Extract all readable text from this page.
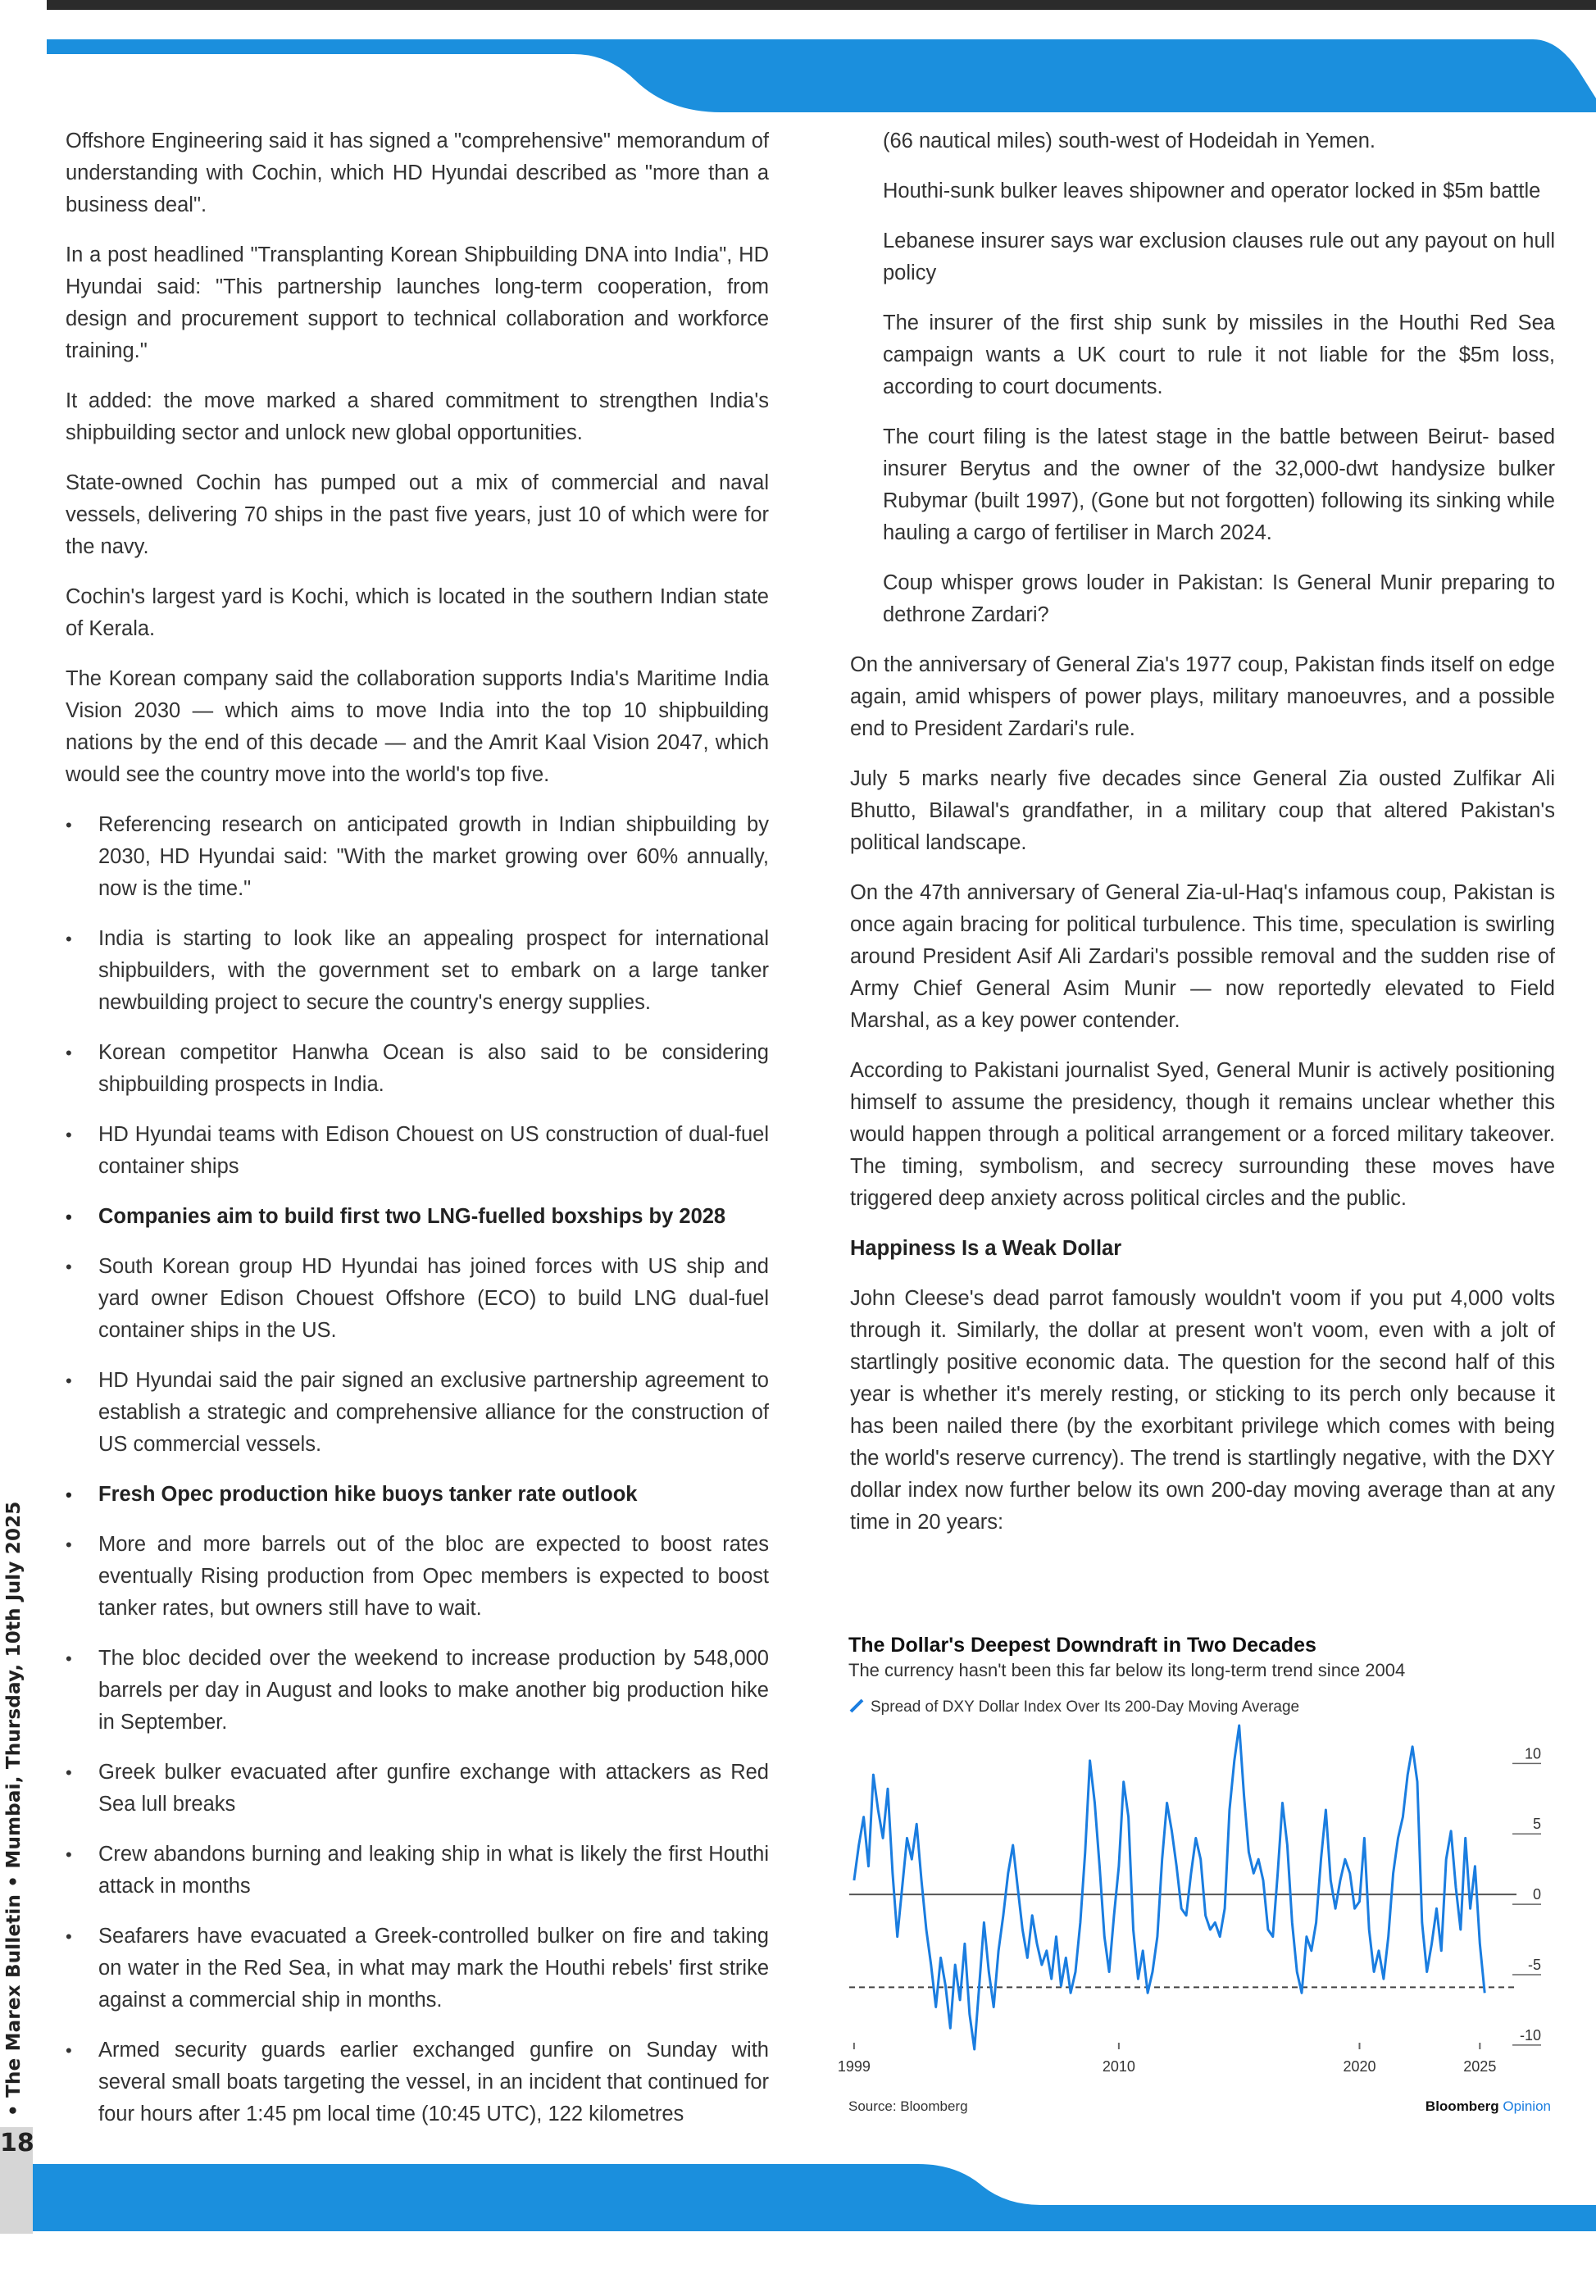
Offshore Engineering said it has signed a "comprehensive" memorandum of understanding with Cochin, which HD Hyundai described as "more than a business deal".

In a post headlined "Transplanting Korean Shipbuilding DNA into India", HD Hyundai said: "This partnership launches long-term cooperation, from design and procurement support to technical collaboration and workforce training."

It added: the move marked a shared commitment to strengthen India's shipbuilding sector and unlock new global opportunities.

State-owned Cochin has pumped out a mix of commercial and naval vessels, delivering 70 ships in the past five years, just 10 of which were for the navy.

Cochin's largest yard is Kochi, which is located in the southern Indian state of Kerala.

The Korean company said the collaboration supports India's Maritime India Vision 2030 — which aims to move India into the top 10 shipbuilding nations by the end of this decade — and the Amrit Kaal Vision 2047, which would see the country move into the world's top five.

• Referencing research on anticipated growth in Indian shipbuilding by 2030, HD Hyundai said: "With the market growing over 60% annually, now is the time."
• India is starting to look like an appealing prospect for international shipbuilders, with the government set to embark on a large tanker newbuilding project to secure the country's energy supplies.
• Korean competitor Hanwha Ocean is also said to be considering shipbuilding prospects in India.
• HD Hyundai teams with Edison Chouest on US construction of dual-fuel container ships
• Companies aim to build first two LNG-fuelled boxships by 2028
• South Korean group HD Hyundai has joined forces with US ship and yard owner Edison Chouest Offshore (ECO) to build LNG dual-fuel container ships in the US.
• HD Hyundai said the pair signed an exclusive partnership agreement to establish a strategic and comprehensive alliance for the construction of US commercial vessels.
• Fresh Opec production hike buoys tanker rate outlook
• More and more barrels out of the bloc are expected to boost rates eventually Rising production from Opec members is expected to boost tanker rates, but owners still have to wait.
• The bloc decided over the weekend to increase production by 548,000 barrels per day in August and looks to make another big production hike in September.
• Greek bulker evacuated after gunfire exchange with attackers as Red Sea lull breaks
• Crew abandons burning and leaking ship in what is likely the first Houthi attack in months
• Seafarers have evacuated a Greek-controlled bulker on fire and taking on water in the Red Sea, in what may mark the Houthi rebels' first strike against a commercial ship in months.
• Armed security guards earlier exchanged gunfire on Sunday with several small boats targeting the vessel, in an incident that continued for four hours after 1:45 pm local time (10:45 UTC), 122 kilometres

(66 nautical miles) south-west of Hodeidah in Yemen.

Houthi-sunk bulker leaves shipowner and operator locked in $5m battle

Lebanese insurer says war exclusion clauses rule out any payout on hull policy

The insurer of the first ship sunk by missiles in the Houthi Red Sea campaign wants a UK court to rule it not liable for the $5m loss, according to court documents.

The court filing is the latest stage in the battle between Beirut- based insurer Berytus and the owner of the 32,000-dwt handysize bulker Rubymar (built 1997), (Gone but not forgotten) following its sinking while hauling a cargo of fertiliser in March 2024.

Coup whisper grows louder in Pakistan: Is General Munir preparing to dethrone Zardari?

On the anniversary of General Zia's 1977 coup, Pakistan finds itself on edge again, amid whispers of power plays, military manoeuvres, and a possible end to President Zardari's rule.

July 5 marks nearly five decades since General Zia ousted Zulfikar Ali Bhutto, Bilawal's grandfather, in a military coup that altered Pakistan's political landscape.

On the 47th anniversary of General Zia-ul-Haq's infamous coup, Pakistan is once again bracing for political turbulence. This time, speculation is swirling around President Asif Ali Zardari's possible removal and the sudden rise of Army Chief General Asim Munir — now reportedly elevated to Field Marshal, as a key power contender.

According to Pakistani journalist Syed, General Munir is actively positioning himself to assume the presidency, though it remains unclear whether this would happen through a political arrangement or a forced military takeover. The timing, symbolism, and secrecy surrounding these moves have triggered deep anxiety across political circles and the public.

Happiness Is a Weak Dollar

John Cleese's dead parrot famously wouldn't voom if you put 4,000 volts through it. Similarly, the dollar at present won't voom, even with a jolt of startlingly positive economic data. The question for the second half of this year is whether it's merely resting, or sticking to its perch only because it has been nailed there (by the exorbitant privilege which comes with being the world's reserve currency). The trend is startlingly negative, with the DXY dollar index now further below its own 200-day moving average than at any time in 20 years:

The Dollar's Deepest Downdraft in Two Decades
The currency hasn't been this far below its long-term trend since 2004
Spread of DXY Dollar Index Over Its 200-Day Moving Average
1999	2010	2020	2025
10
5
0
-5
-10
Source: Bloomberg	Bloomberg Opinion
18
• The Marex Bulletin • Mumbai, Thursday, 10th July 2025
